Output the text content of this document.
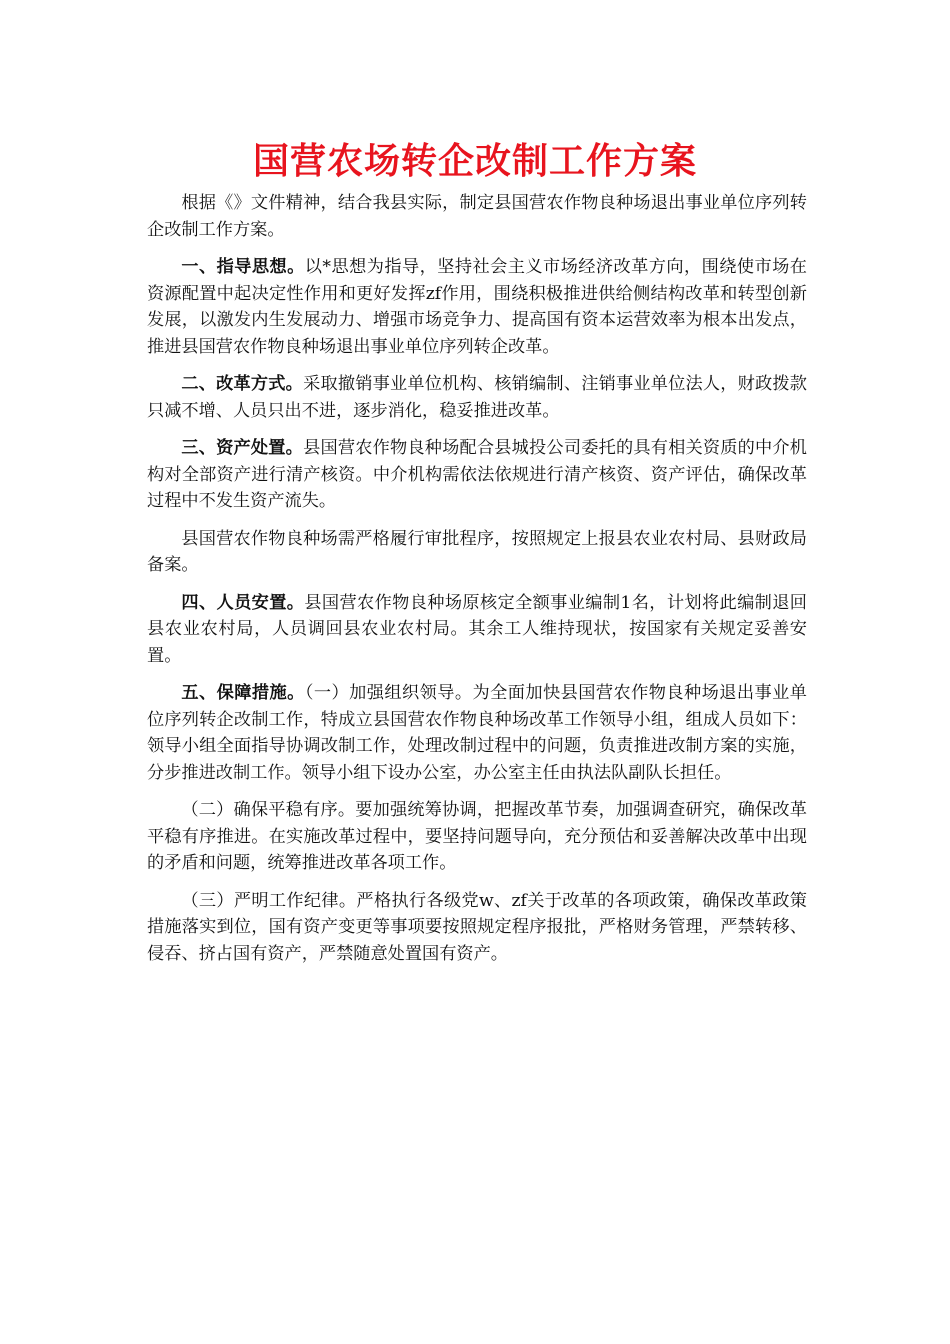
国营农场转企改制工作方案

根据《》文件精神，结合我县实际，制定县国营农作物良种场退出事业单位序列转企改制工作方案。

一、指导思想。以*思想为指导，坚持社会主义市场经济改革方向，围绕使市场在资源配置中起决定性作用和更好发挥zf作用，围绕积极推进供给侧结构改革和转型创新发展，以激发内生发展动力、增强市场竞争力、提高国有资本运营效率为根本出发点，推进县国营农作物良种场退出事业单位序列转企改革。

二、改革方式。采取撤销事业单位机构、核销编制、注销事业单位法人，财政拨款只减不增、人员只出不进，逐步消化，稳妥推进改革。

三、资产处置。县国营农作物良种场配合县城投公司委托的具有相关资质的中介机构对全部资产进行清产核资。中介机构需依法依规进行清产核资、资产评估，确保改革过程中不发生资产流失。

县国营农作物良种场需严格履行审批程序，按照规定上报县农业农村局、县财政局备案。

四、人员安置。县国营农作物良种场原核定全额事业编制1名，计划将此编制退回县农业农村局，人员调回县农业农村局。其余工人维持现状，按国家有关规定妥善安置。

五、保障措施。（一）加强组织领导。为全面加快县国营农作物良种场退出事业单位序列转企改制工作，特成立县国营农作物良种场改革工作领导小组，组成人员如下：领导小组全面指导协调改制工作，处理改制过程中的问题，负责推进改制方案的实施，分步推进改制工作。领导小组下设办公室，办公室主任由执法队副队长担任。

（二）确保平稳有序。要加强统筹协调，把握改革节奏，加强调查研究，确保改革平稳有序推进。在实施改革过程中，要坚持问题导向，充分预估和妥善解决改革中出现的矛盾和问题，统筹推进改革各项工作。

（三）严明工作纪律。严格执行各级党w、zf关于改革的各项政策，确保改革政策措施落实到位，国有资产变更等事项要按照规定程序报批，严格财务管理，严禁转移、侵吞、挤占国有资产，严禁随意处置国有资产。
